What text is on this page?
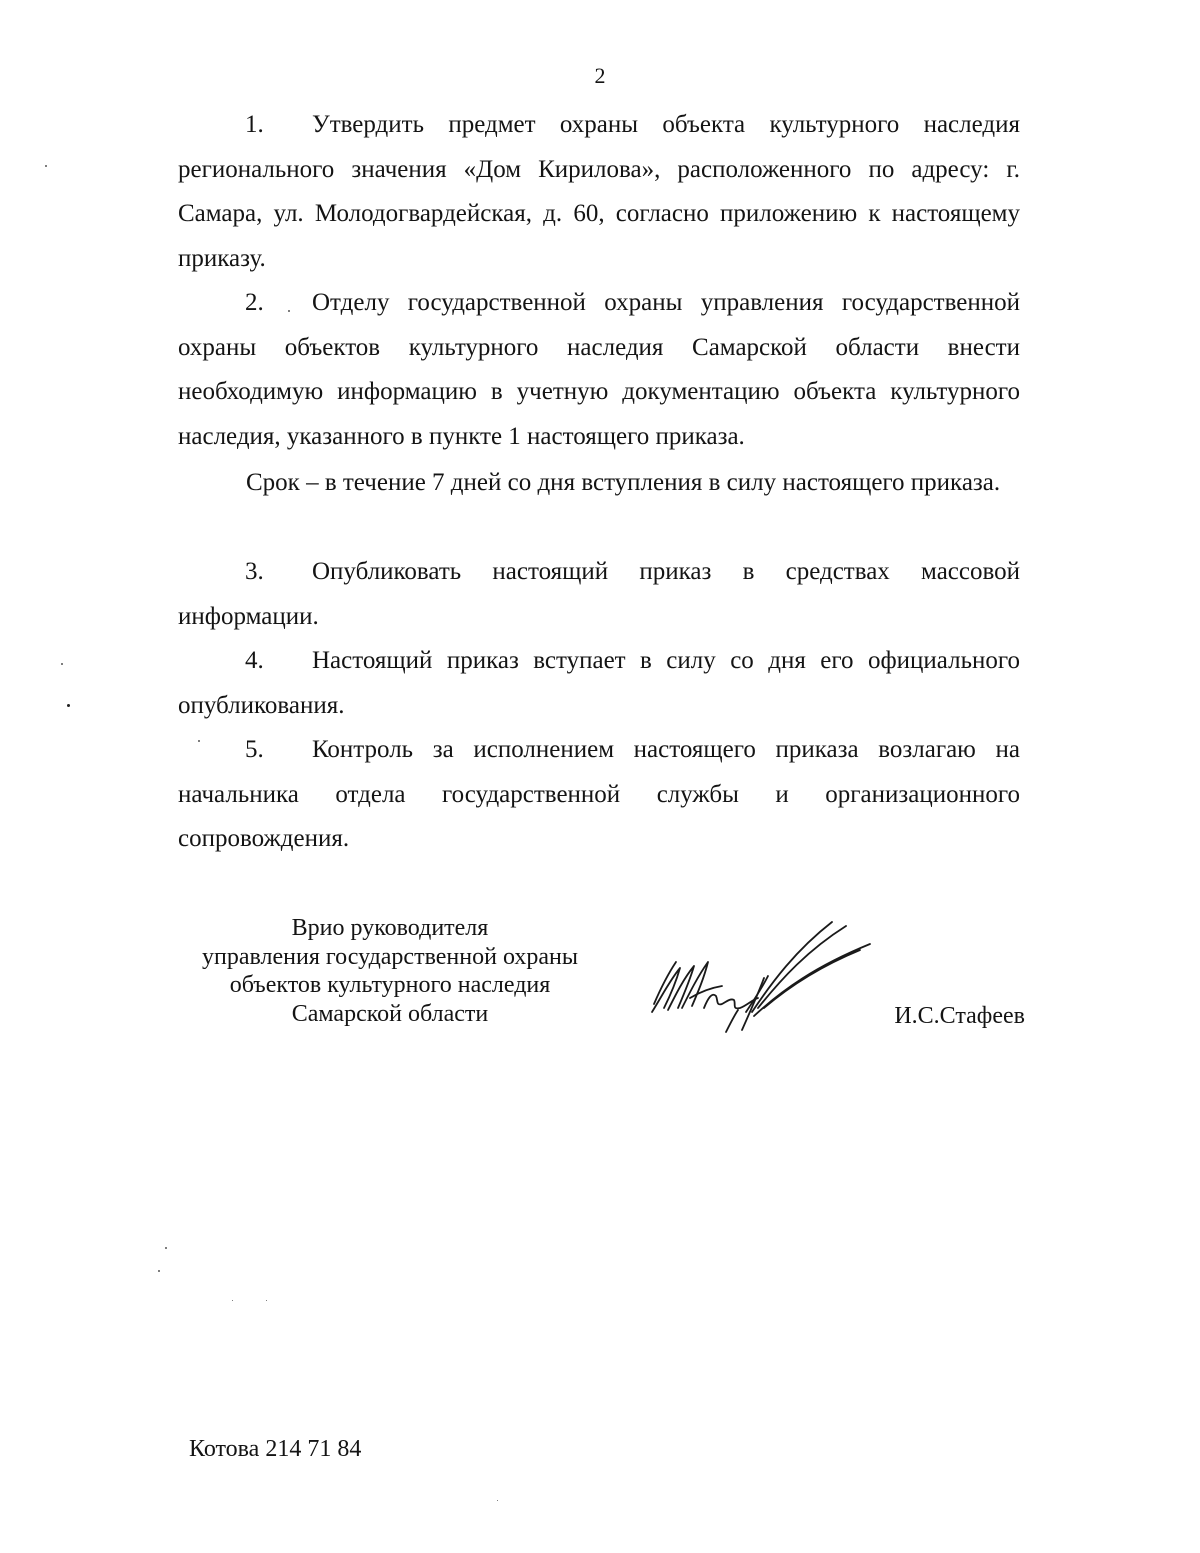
2
1. Утвердить предмет охраны объекта культурного наследия регионального значения «Дом Кирилова», расположенного по адресу: г. Самара, ул. Молодогвардейская, д. 60, согласно приложению к настоящему приказу.
2. Отделу государственной охраны управления государственной охраны объектов культурного наследия Самарской области внести необходимую информацию в учетную документацию объекта культурного наследия, указанного в пункте 1 настоящего приказа.
Срок – в течение 7 дней со дня вступления в силу настоящего приказа.
3. Опубликовать настоящий приказ в средствах массовой информации.
4. Настоящий приказ вступает в силу со дня его официального опубликования.
5. Контроль за исполнением настоящего приказа возлагаю на начальника отдела государственной службы и организационного сопровождения.
Врио руководителя
управления государственной охраны
объектов культурного наследия
Самарской области	И.С.Стафеев
Котова 214 71 84
